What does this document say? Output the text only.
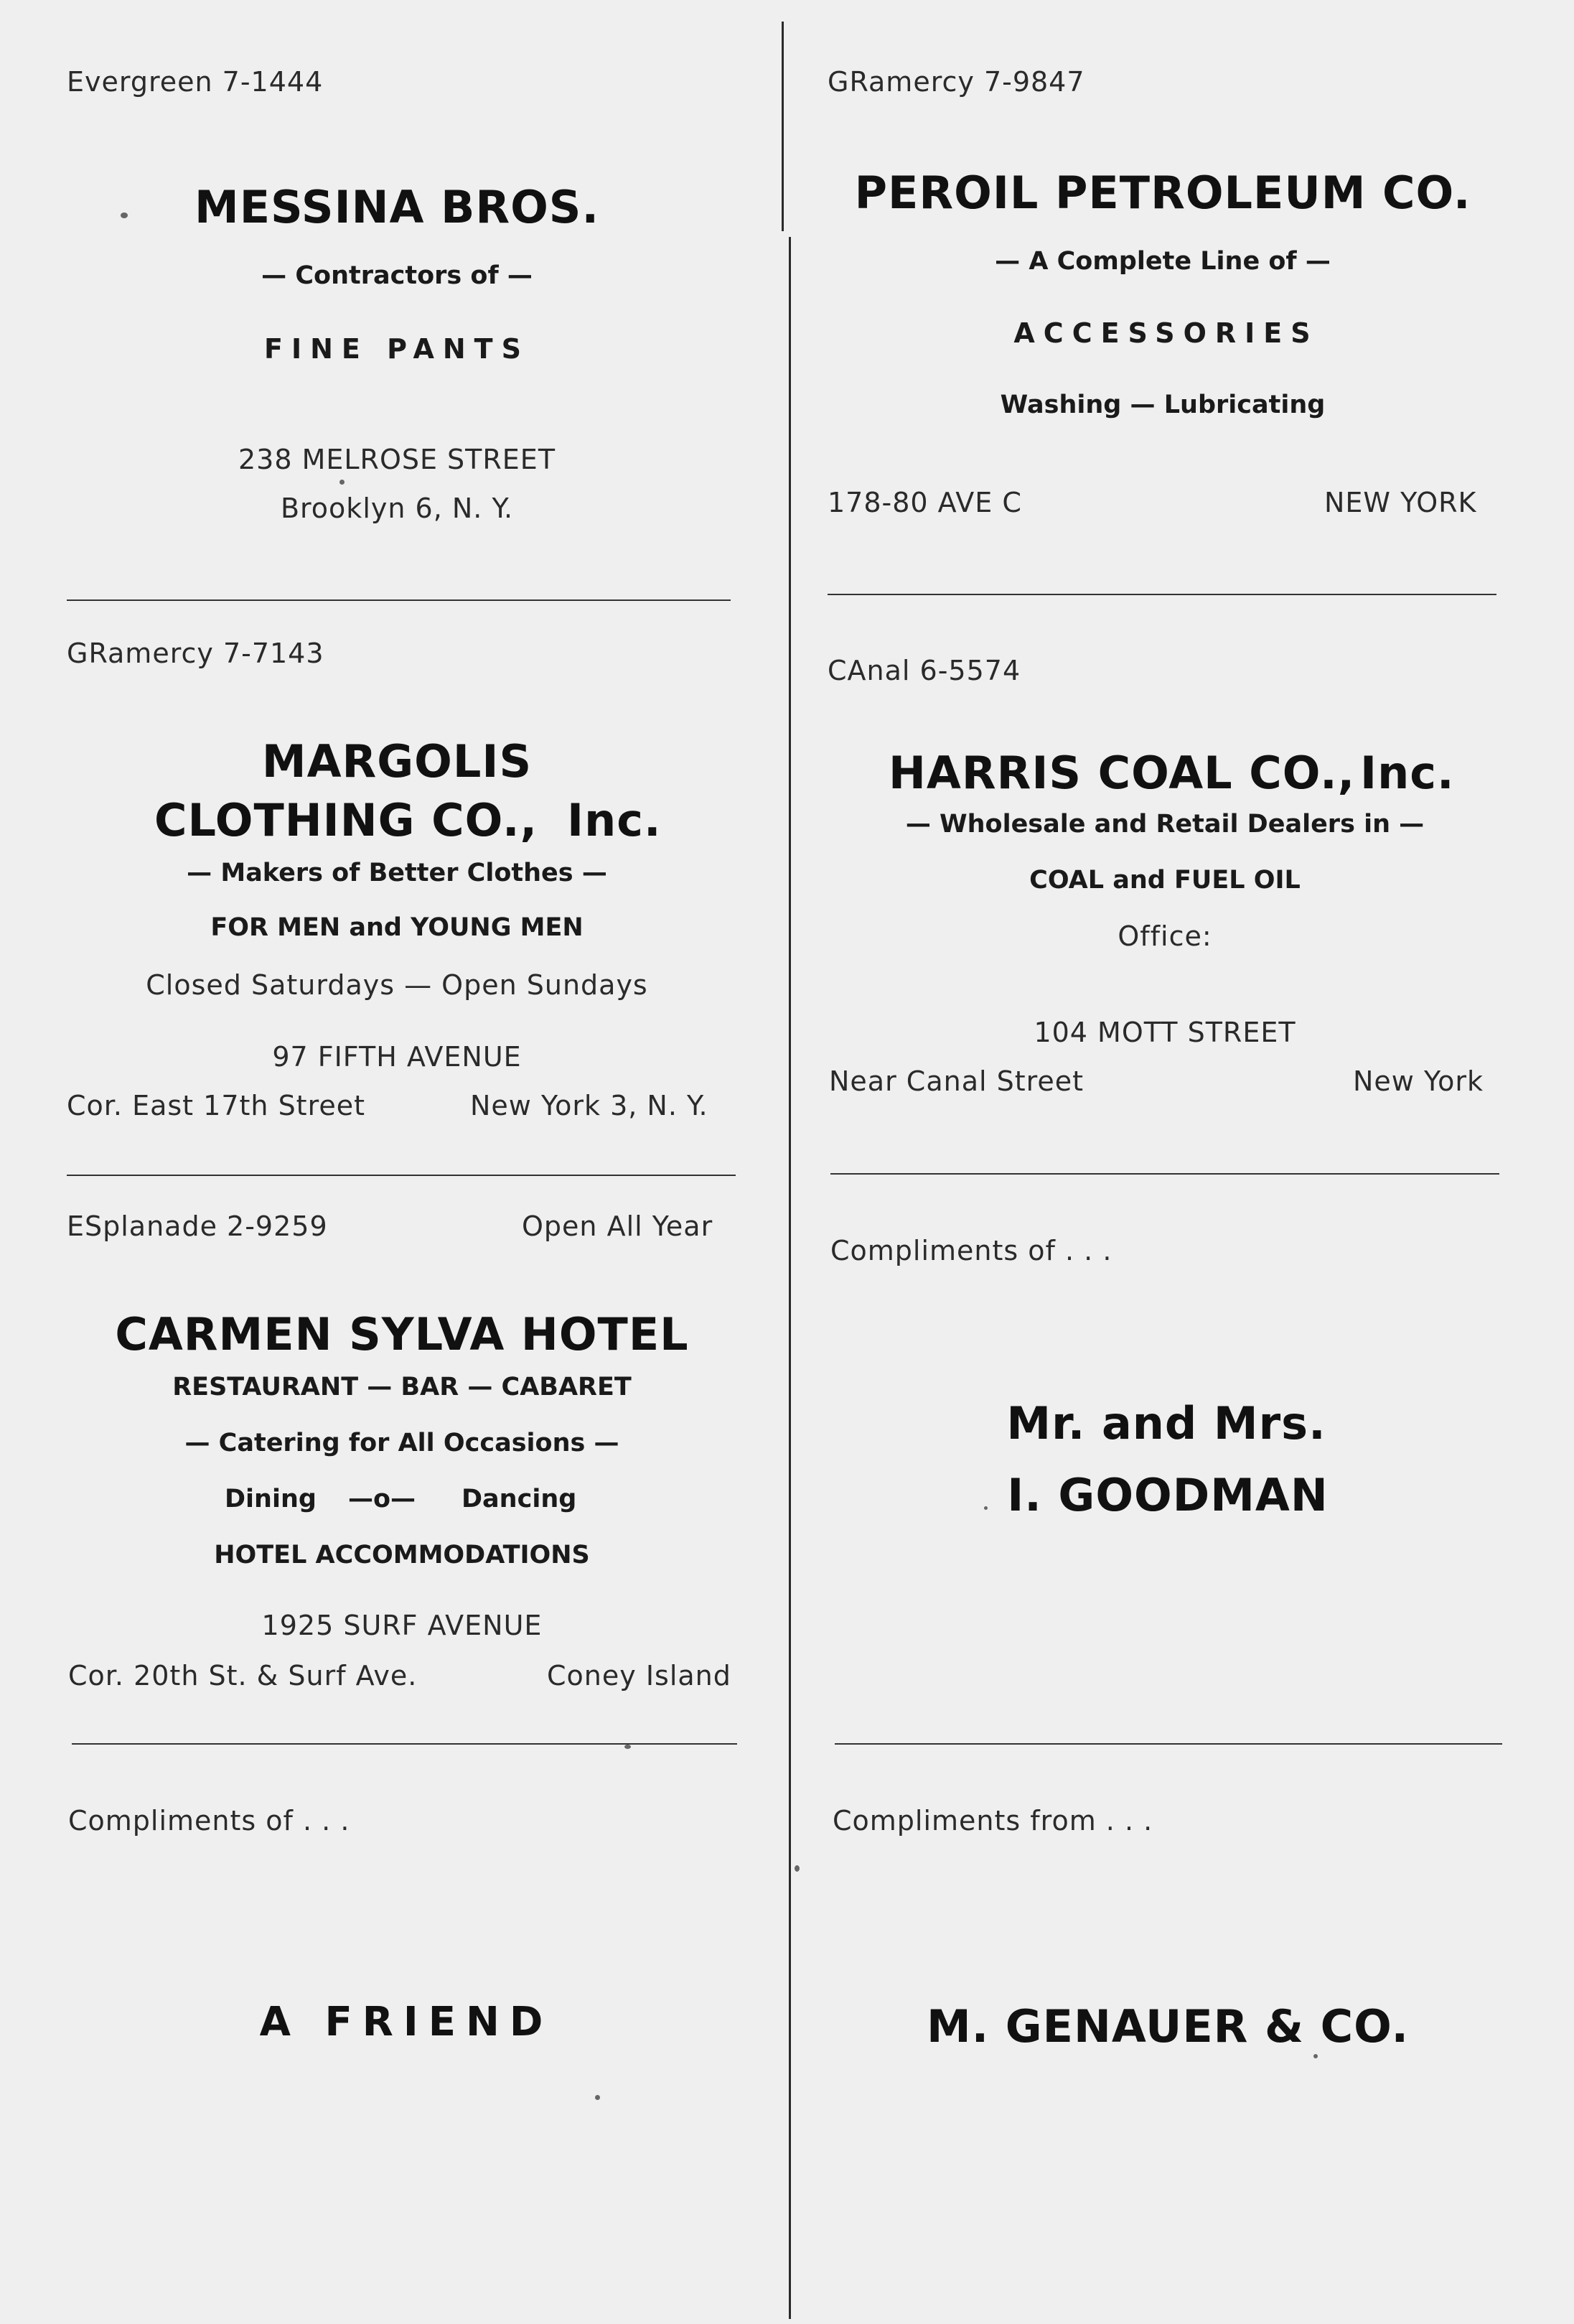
Evergreen 7-1444
MESSINA BROS.
— Contractors of —
FINE PANTS
238 MELROSE STREET
Brooklyn 6, N. Y.
GRamercy 7-7143
MARGOLIS
CLOTHING CO., Inc.
— Makers of Better Clothes —
FOR MEN and YOUNG MEN
Closed Saturdays — Open Sundays
97 FIFTH AVENUE
Cor. East 17th Street	New York 3, N. Y.
ESplanade 2-9259	Open All Year
CARMEN SYLVA HOTEL
RESTAURANT — BAR — CABARET
— Catering for All Occasions —
Dining —o— Dancing
HOTEL ACCOMMODATIONS
1925 SURF AVENUE
Cor. 20th St. & Surf Ave.	Coney Island
Compliments of . . .
A FRIEND
GRamercy 7-9847
PEROIL PETROLEUM CO.
— A Complete Line of —
ACCESSORIES
Washing — Lubricating
178-80 AVE C	NEW YORK
CAnal 6-5574
HARRIS COAL CO., Inc.
— Wholesale and Retail Dealers in —
COAL and FUEL OIL
Office:
104 MOTT STREET
Near Canal Street	New York
Compliments of . . .
Mr. and Mrs.
I. GOODMAN
Compliments from . . .
M. GENAUER & CO.
